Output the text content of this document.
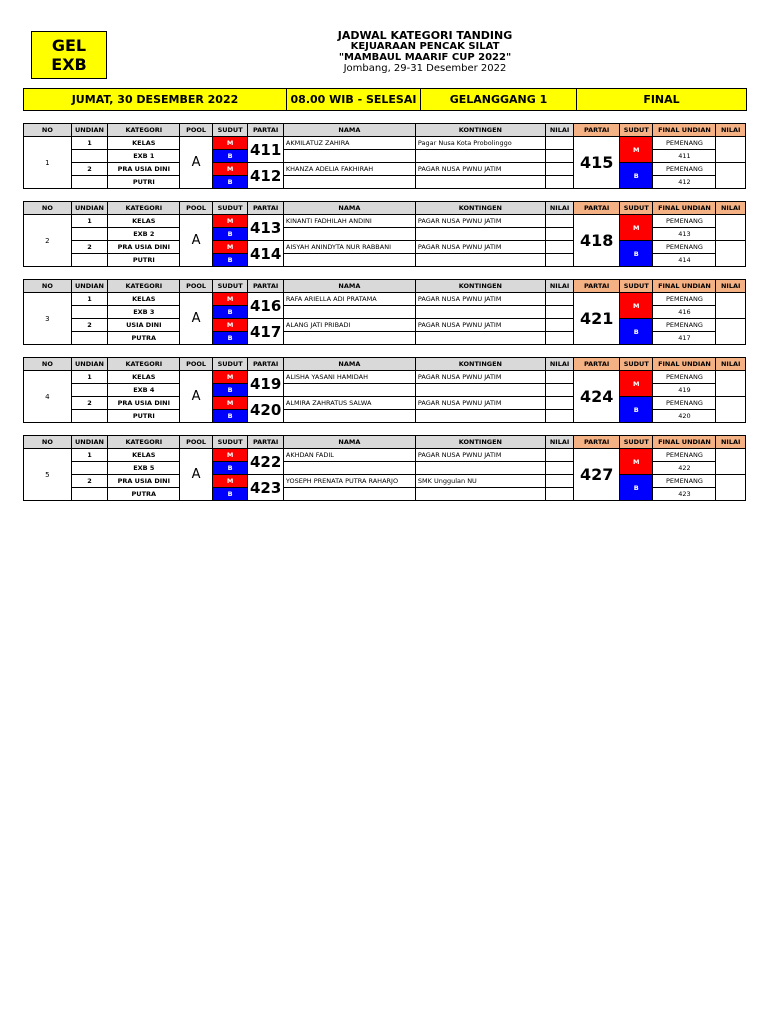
GEL
EXB
JADWAL KATEGORI TANDING
KEJUARAAN PENCAK SILAT
"MAMBAUL MAARIF CUP 2022"
Jombang, 29-31 Desember 2022
JUMAT, 30 DESEMBER 2022	08.00 WIB - SELESAI	GELANGGANG 1	FINAL
NO	UNDIAN	KATEGORI	POOL	SUDUT	PARTAI	NAMA	KONTINGEN	NILAI	PARTAI	SUDUT	FINAL UNDIAN	NILAI
1	1	KELAS	A	M	411	AKMILATUZ ZAHIRA	Pagar Nusa Kota Probolinggo		415	M	PEMENANG	
		EXB 1		B							411	
	2	PRA USIA DINI		M	412	KHANZA ADELIA FAKHIRAH	PAGAR NUSA PWNU JATIM			B	PEMENANG	
		PUTRI		B							412	
NO	UNDIAN	KATEGORI	POOL	SUDUT	PARTAI	NAMA	KONTINGEN	NILAI	PARTAI	SUDUT	FINAL UNDIAN	NILAI
2	1	KELAS	A	M	413	KINANTI FADHILAH ANDINI	PAGAR NUSA PWNU JATIM		418	M	PEMENANG	
		EXB 2		B							413	
	2	PRA USIA DINI		M	414	AISYAH ANINDYTA NUR RABBANI	PAGAR NUSA PWNU JATIM			B	PEMENANG	
		PUTRI		B							414	
NO	UNDIAN	KATEGORI	POOL	SUDUT	PARTAI	NAMA	KONTINGEN	NILAI	PARTAI	SUDUT	FINAL UNDIAN	NILAI
3	1	KELAS	A	M	416	RAFA ARIELLA ADI PRATAMA	PAGAR NUSA PWNU JATIM		421	M	PEMENANG	
		EXB 3		B							416	
	2	USIA DINI		M	417	ALANG JATI PRIBADI	PAGAR NUSA PWNU JATIM			B	PEMENANG	
		PUTRA		B							417	
NO	UNDIAN	KATEGORI	POOL	SUDUT	PARTAI	NAMA	KONTINGEN	NILAI	PARTAI	SUDUT	FINAL UNDIAN	NILAI
4	1	KELAS	A	M	419	ALISHA YASANI HAMIDAH	PAGAR NUSA PWNU JATIM		424	M	PEMENANG	
		EXB 4		B							419	
	2	PRA USIA DINI		M	420	ALMIRA ZAHRATUS SALWA	PAGAR NUSA PWNU JATIM			B	PEMENANG	
		PUTRI		B							420	
NO	UNDIAN	KATEGORI	POOL	SUDUT	PARTAI	NAMA	KONTINGEN	NILAI	PARTAI	SUDUT	FINAL UNDIAN	NILAI
5	1	KELAS	A	M	422	AKHDAN FADIL	PAGAR NUSA PWNU JATIM		427	M	PEMENANG	
		EXB 5		B							422	
	2	PRA USIA DINI		M	423	YOSEPH PRENATA PUTRA RAHARJO	SMK Unggulan NU			B	PEMENANG	
		PUTRA		B							423	
